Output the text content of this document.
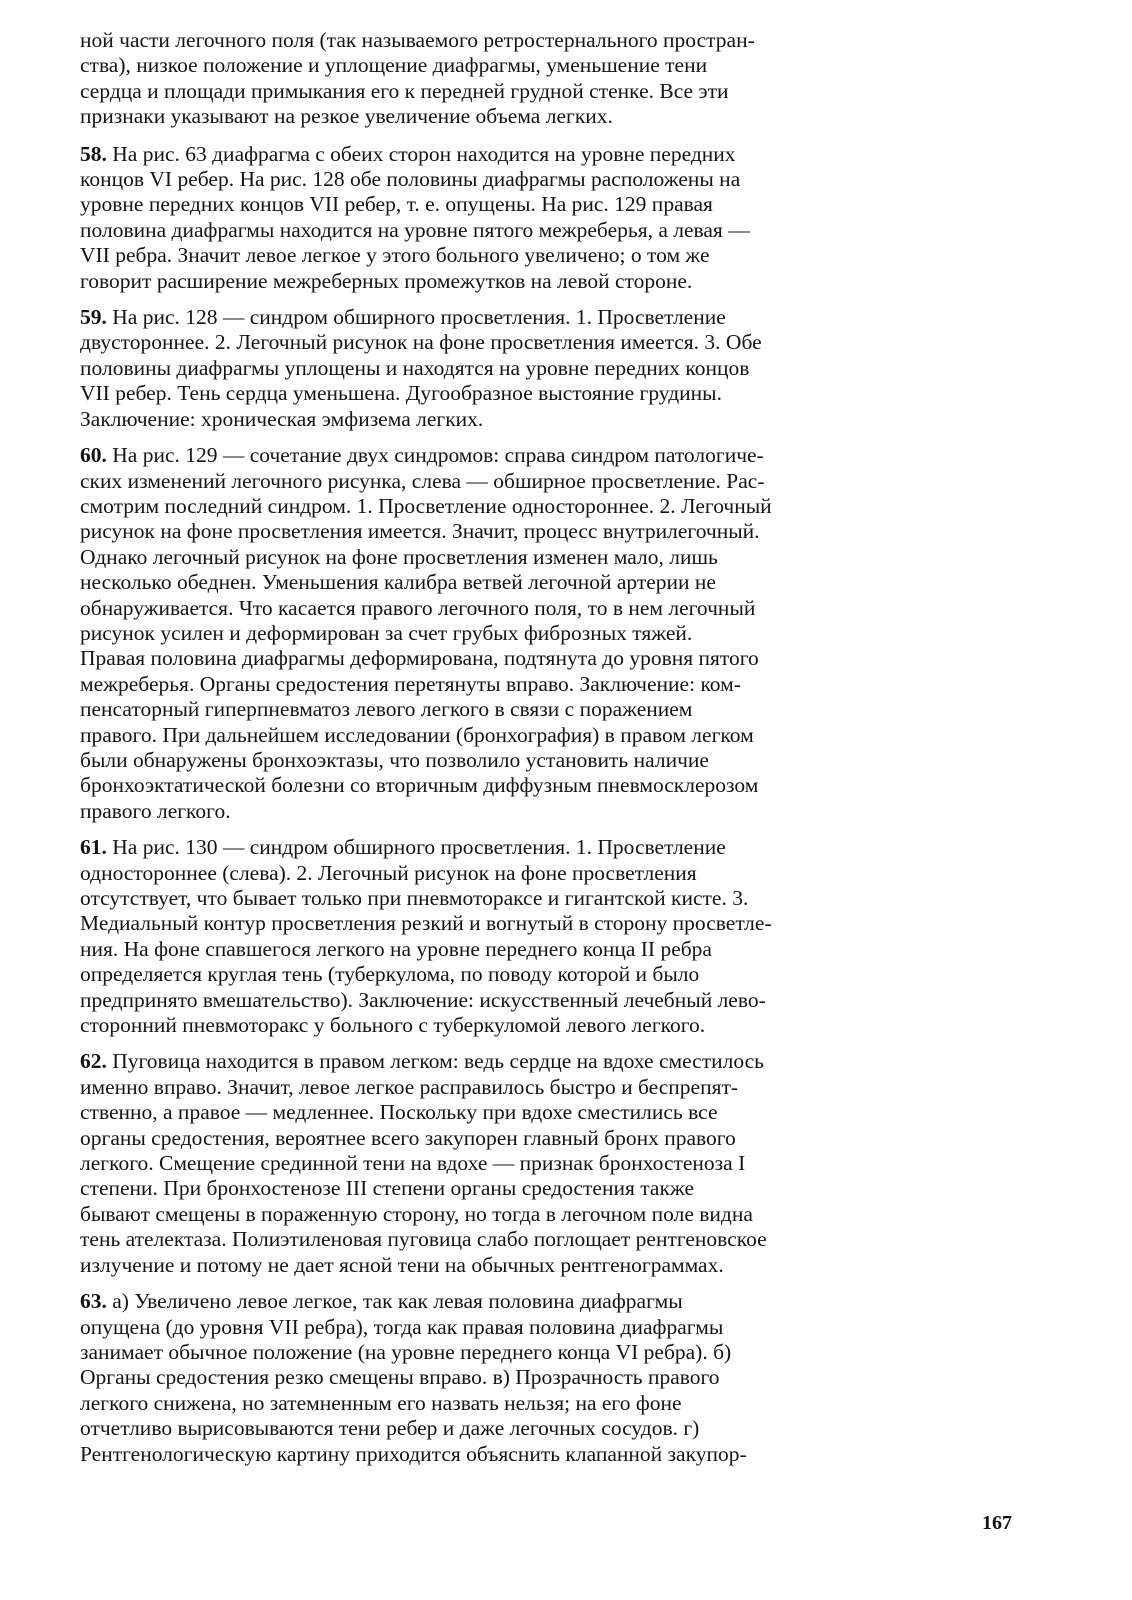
ной части легочного поля (так называемого ретростернального простран-
ства), низкое положение и уплощение диафрагмы, уменьшение тени
сердца и площади примыкания его к передней грудной стенке. Все эти
признаки указывают на резкое увеличение объема легких.

58. На рис. 63 диафрагма с обеих сторон находится на уровне передних
концов VI ребер. На рис. 128 обе половины диафрагмы расположены на
уровне передних концов VII ребер, т. е. опущены. На рис. 129 правая
половина диафрагмы находится на уровне пятого межреберья, а левая —
VII ребра. Значит левое легкое у этого больного увеличено; о том же
говорит расширение межреберных промежутков на левой стороне.

59. На рис. 128 — синдром обширного просветления. 1. Просветление
двустороннее. 2. Легочный рисунок на фоне просветления имеется. 3. Обе
половины диафрагмы уплощены и находятся на уровне передних концов
VII ребер. Тень сердца уменьшена. Дугообразное выстояние грудины.
Заключение: хроническая эмфизема легких.

60. На рис. 129 — сочетание двух синдромов: справа синдром патологиче-
ских изменений легочного рисунка, слева — обширное просветление. Рас-
смотрим последний синдром. 1. Просветление одностороннее. 2. Легочный
рисунок на фоне просветления имеется. Значит, процесс внутрилегочный.
Однако легочный рисунок на фоне просветления изменен мало, лишь
несколько обеднен. Уменьшения калибра ветвей легочной артерии не
обнаруживается. Что касается правого легочного поля, то в нем легочный
рисунок усилен и деформирован за счет грубых фиброзных тяжей.
Правая половина диафрагмы деформирована, подтянута до уровня пятого
межреберья. Органы средостения перетянуты вправо. Заключение: ком-
пенсаторный гиперпневматоз левого легкого в связи с поражением
правого. При дальнейшем исследовании (бронхография) в правом легком
были обнаружены бронхоэктазы, что позволило установить наличие
бронхоэктатической болезни со вторичным диффузным пневмосклерозом
правого легкого.

61. На рис. 130 — синдром обширного просветления. 1. Просветление
одностороннее (слева). 2. Легочный рисунок на фоне просветления
отсутствует, что бывает только при пневмотораксе и гигантской кисте. 3.
Медиальный контур просветления резкий и вогнутый в сторону просветле-
ния. На фоне спавшегося легкого на уровне переднего конца II ребра
определяется круглая тень (туберкулома, по поводу которой и было
предпринято вмешательство). Заключение: искусственный лечебный лево-
сторонний пневмоторакс у больного с туберкуломой левого легкого.

62. Пуговица находится в правом легком: ведь сердце на вдохе сместилось
именно вправо. Значит, левое легкое расправилось быстро и беспрепят-
ственно, а правое — медленнее. Поскольку при вдохе сместились все
органы средостения, вероятнее всего закупорен главный бронх правого
легкого. Смещение срединной тени на вдохе — признак бронхостеноза I
степени. При бронхостенозе III степени органы средостения также
бывают смещены в пораженную сторону, но тогда в легочном поле видна
тень ателектаза. Полиэтиленовая пуговица слабо поглощает рентгеновское
излучение и потому не дает ясной тени на обычных рентгенограммах.

63. а) Увеличено левое легкое, так как левая половина диафрагмы
опущена (до уровня VII ребра), тогда как правая половина диафрагмы
занимает обычное положение (на уровне переднего конца VI ребра). б)
Органы средостения резко смещены вправо. в) Прозрачность правого
легкого снижена, но затемненным его назвать нельзя; на его фоне
отчетливо вырисовываются тени ребер и даже легочных сосудов. г)
Рентгенологическую картину приходится объяснить клапанной закупор-

167
